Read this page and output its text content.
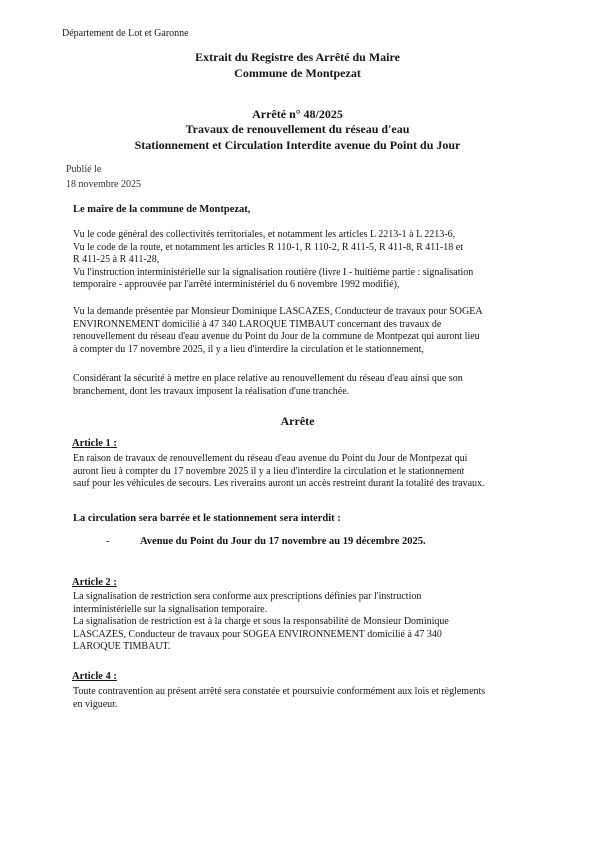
Département de Lot et Garonne
Extrait du Registre des Arrêté du Maire
Commune de Montpezat
Arrêté n° 48/2025
Travaux de renouvellement du réseau d'eau
Stationnement et Circulation Interdite avenue du Point du Jour
Publié le
18 novembre 2025
Le maire de la commune de Montpezat,
Vu le code général des collectivités territoriales, et notamment les articles L 2213-1 à L 2213-6,
Vu le code de la route, et notamment les articles R 110-1, R 110-2, R 411-5, R 411-8, R 411-18 et
R 411-25 à R 411-28,
Vu l'instruction interministérielle sur la signalisation routière (livre I - huitième partie : signalisation
temporaire - approuvée par l'arrêté interministériel du 6 novembre 1992 modifié),
Vu la demande présentée par Monsieur Dominique LASCAZES, Conducteur de travaux pour SOGEA
ENVIRONNEMENT domicilié à 47 340 LAROQUE TIMBAUT concernant des travaux de
renouvellement du réseau d'eau avenue du Point du Jour de la commune de Montpezat qui auront lieu
à compter du 17 novembre 2025, il y a lieu d'interdire la circulation et le stationnement,
Considérant la sécurité à mettre en place relative au renouvellement du réseau d'eau ainsi que son
branchement, dont les travaux imposent la réalisation d'une tranchée.
Arrête
Article 1 :
En raison de travaux de renouvellement du réseau d'eau avenue du Point du Jour de Montpezat qui
auront lieu à compter du 17 novembre 2025 il y a lieu d'interdire la circulation et le stationnement
sauf pour les véhicules de secours. Les riverains auront un accès restreint durant la totalité des travaux.
La circulation sera barrée et le stationnement sera interdit :
-	Avenue du Point du Jour du 17 novembre au 19 décembre 2025.
Article 2 :
La signalisation de restriction sera conforme aux prescriptions définies par l'instruction
interministérielle sur la signalisation temporaire.
La signalisation de restriction est à la charge et sous la responsabilité de Monsieur Dominique
LASCAZES, Conducteur de travaux pour SOGEA ENVIRONNEMENT domicilié à 47 340
LAROQUE TIMBAUT.
Article 4 :
Toute contravention au présent arrêté sera constatée et poursuivie conformément aux lois et règlements
en vigueur.
